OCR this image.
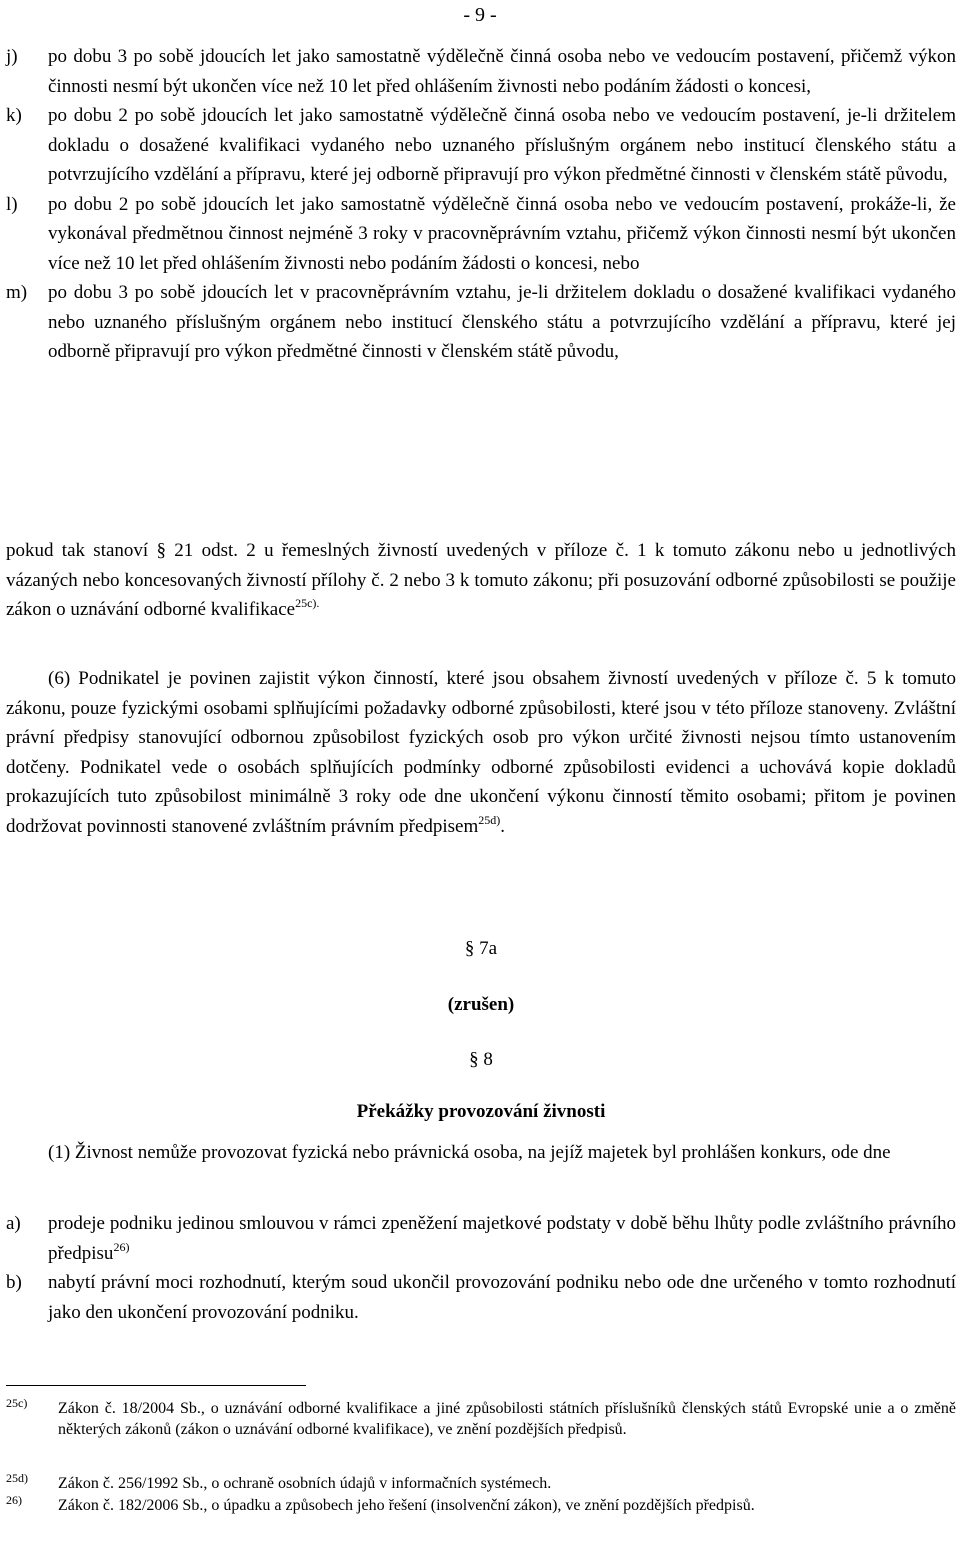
- 9 -
j) po dobu 3 po sobě jdoucích let jako samostatně výdělečně činná osoba nebo ve vedoucím postavení, přičemž výkon činnosti nesmí být ukončen více než 10 let před ohlášením živnosti nebo podáním žádosti o koncesi,
k) po dobu 2 po sobě jdoucích let jako samostatně výdělečně činná osoba nebo ve vedoucím postavení, je-li držitelem dokladu o dosažené kvalifikaci vydaného nebo uznaného příslušným orgánem nebo institucí členského státu a potvrzujícího vzdělání a přípravu, které jej odborně připravují pro výkon předmětné činnosti v členském státě původu,
l) po dobu 2 po sobě jdoucích let jako samostatně výdělečně činná osoba nebo ve vedoucím postavení, prokáže-li, že vykonával předmětnou činnost nejméně 3 roky v pracovněprávním vztahu, přičemž výkon činnosti nesmí být ukončen více než 10 let před ohlášením živnosti nebo podáním žádosti o koncesi, nebo
m) po dobu 3 po sobě jdoucích let v pracovněprávním vztahu, je-li držitelem dokladu o dosažené kvalifikaci vydaného nebo uznaného příslušným orgánem nebo institucí členského státu a potvrzujícího vzdělání a přípravu, které jej odborně připravují pro výkon předmětné činnosti v členském státě původu,

pokud tak stanoví § 21 odst. 2 u řemeslných živností uvedených v příloze č. 1 k tomuto zákonu nebo u jednotlivých vázaných nebo koncesovaných živností přílohy č. 2 nebo 3 k tomuto zákonu; při posuzování odborné způsobilosti se použije zákon o uznávání odborné kvalifikace$^{25c).}$

(6) Podnikatel je povinen zajistit výkon činností, které jsou obsahem živností uvedených v příloze č. 5 k tomuto zákonu, pouze fyzickými osobami splňujícími požadavky odborné způsobilosti, které jsou v této příloze stanoveny. Zvláštní právní předpisy stanovující odbornou způsobilost fyzických osob pro výkon určité živnosti nejsou tímto ustanovením dotčeny. Podnikatel vede o osobách splňujících podmínky odborné způsobilosti evidenci a uchovává kopie dokladů prokazujících tuto způsobilost minimálně 3 roky ode dne ukončení výkonu činností těmito osobami; přitom je povinen dodržovat povinnosti stanovené zvláštním právním předpisem$^{25d)}$.

§ 7a
(zrušen)
§ 8
Překážky provozování živnosti

(1) Živnost nemůže provozovat fyzická nebo právnická osoba, na jejíž majetek byl prohlášen konkurs, ode dne

a) prodeje podniku jedinou smlouvou v rámci zpeněžení majetkové podstaty v době běhu lhůty podle zvláštního právního předpisu$^{26)}$
b) nabytí právní moci rozhodnutí, kterým soud ukončil provozování podniku nebo ode dne určeného v tomto rozhodnutí jako den ukončení provozování podniku.
25c) Zákon č. 18/2004 Sb., o uznávání odborné kvalifikace a jiné způsobilosti státních příslušníků členských států Evropské unie a o změně některých zákonů (zákon o uznávání odborné kvalifikace), ve znění pozdějších předpisů.
25d) Zákon č. 256/1992 Sb., o ochraně osobních údajů v informačních systémech.
26) Zákon č. 182/2006 Sb., o úpadku a způsobech jeho řešení (insolvenční zákon), ve znění pozdějších předpisů.
